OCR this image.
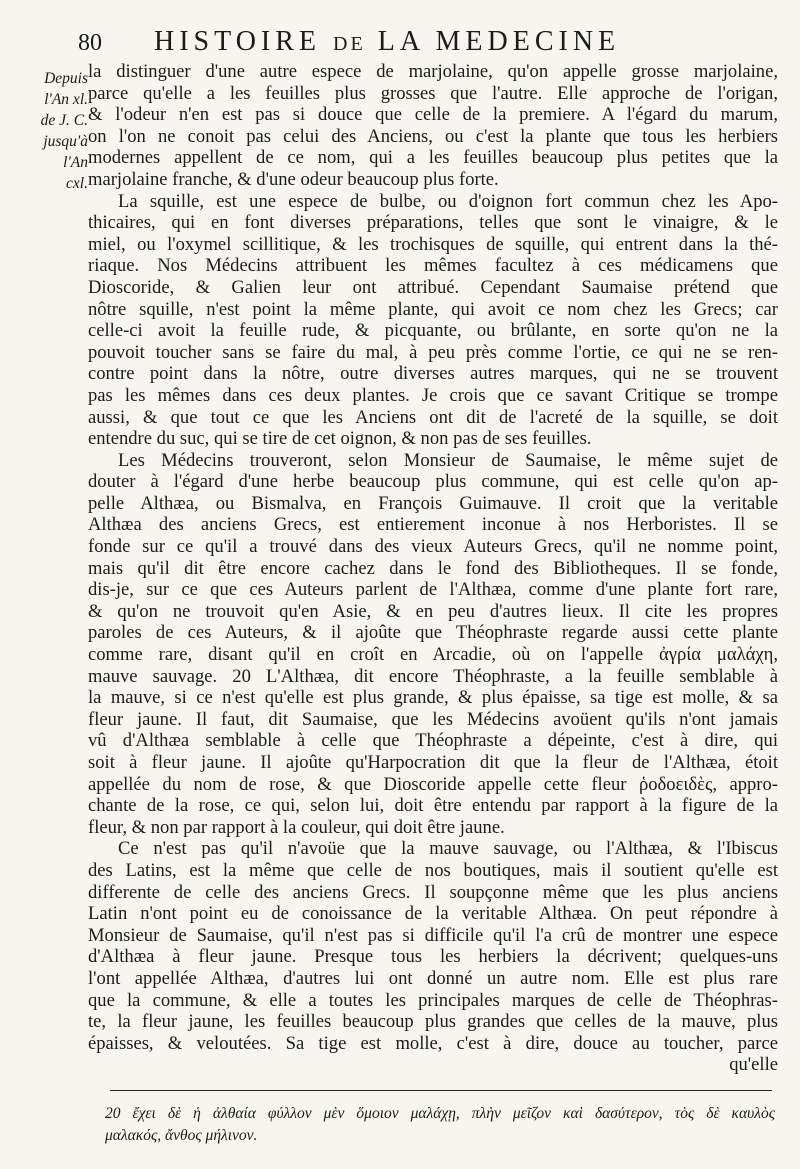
80 HISTOIRE DE LA MEDECINE
Depuis
l'An xl.
de J. C.
jusqu'à
l'An
cxl.
la distinguer d'une autre espece de marjolaine, qu'on appelle grosse marjolaine,
parce qu'elle a les feuilles plus grosses que l'autre. Elle approche de l'origan,
& l'odeur n'en est pas si douce que celle de la premiere. A l'égard du marum,
on l'on ne conoit pas celui des Anciens, ou c'est la plante que tous les herbiers
modernes appellent de ce nom, qui a les feuilles beaucoup plus petites que la
marjolaine franche, & d'une odeur beaucoup plus forte.
La squille, est une espece de bulbe, ou d'oignon fort commun chez les Apo-
thicaires, qui en font diverses préparations, telles que sont le vinaigre, & le
miel, ou l'oxymel scillitique, & les trochisques de squille, qui entrent dans la thé-
riaque. Nos Médecins attribuent les mêmes facultez à ces médicamens que
Dioscoride, & Galien leur ont attribué. Cependant Saumaise prétend que
nôtre squille, n'est point la même plante, qui avoit ce nom chez les Grecs; car
celle-ci avoit la feuille rude, & picquante, ou brûlante, en sorte qu'on ne la
pouvoit toucher sans se faire du mal, à peu près comme l'ortie, ce qui ne se ren-
contre point dans la nôtre, outre diverses autres marques, qui ne se trouvent
pas les mêmes dans ces deux plantes. Je crois que ce savant Critique se trompe
aussi, & que tout ce que les Anciens ont dit de l'acreté de la squille, se doit
entendre du suc, qui se tire de cet oignon, & non pas de ses feuilles.
Les Médecins trouveront, selon Monsieur de Saumaise, le même sujet de
douter à l'égard d'une herbe beaucoup plus commune, qui est celle qu'on ap-
pelle Althæa, ou Bismalva, en François Guimauve. Il croit que la veritable
Althæa des anciens Grecs, est entierement inconue à nos Herboristes. Il se
fonde sur ce qu'il a trouvé dans des vieux Auteurs Grecs, qu'il ne nomme point,
mais qu'il dit être encore cachez dans le fond des Bibliotheques. Il se fonde,
dis-je, sur ce que ces Auteurs parlent de l'Althæa, comme d'une plante fort rare,
& qu'on ne trouvoit qu'en Asie, & en peu d'autres lieux. Il cite les propres
paroles de ces Auteurs, & il ajoûte que Théophraste regarde aussi cette plante
comme rare, disant qu'il en croît en Arcadie, où on l'appelle ἀγρία μαλάχη,
mauve sauvage. 20 L'Althæa, dit encore Théophraste, a la feuille semblable à
la mauve, si ce n'est qu'elle est plus grande, & plus épaisse, sa tige est molle, & sa
fleur jaune. Il faut, dit Saumaise, que les Médecins avoüent qu'ils n'ont jamais
vû d'Althæa semblable à celle que Théophraste a dépeinte, c'est à dire, qui
soit à fleur jaune. Il ajoûte qu'Harpocration dit que la fleur de l'Althæa, étoit
appellée du nom de rose, & que Dioscoride appelle cette fleur ῥοδοειδὲς, appro-
chante de la rose, ce qui, selon lui, doit être entendu par rapport à la figure de la
fleur, & non par rapport à la couleur, qui doit être jaune.
Ce n'est pas qu'il n'avoüe que la mauve sauvage, ou l'Althæa, & l'Ibiscus
des Latins, est la même que celle de nos boutiques, mais il soutient qu'elle est
differente de celle des anciens Grecs. Il soupçonne même que les plus anciens
Latin n'ont point eu de conoissance de la veritable Althæa. On peut répondre à
Monsieur de Saumaise, qu'il n'est pas si difficile qu'il l'a crû de montrer une espece
d'Althæa à fleur jaune. Presque tous les herbiers la décrivent; quelques-uns
l'ont appellée Althæa, d'autres lui ont donné un autre nom. Elle est plus rare
que la commune, & elle a toutes les principales marques de celle de Théophras-
te, la fleur jaune, les feuilles beaucoup plus grandes que celles de la mauve, plus
épaisses, & veloutées. Sa tige est molle, c'est à dire, douce au toucher, parce
qu'elle
20 ἔχει δὲ ἡ ἀλθαία φύλλον μὲν ὅμοιον μαλάχῃ, πλὴν μεῖζον καὶ δασύτερον, τὸς δὲ καυλὸς
μαλακός, ἄνθος μήλινον.
